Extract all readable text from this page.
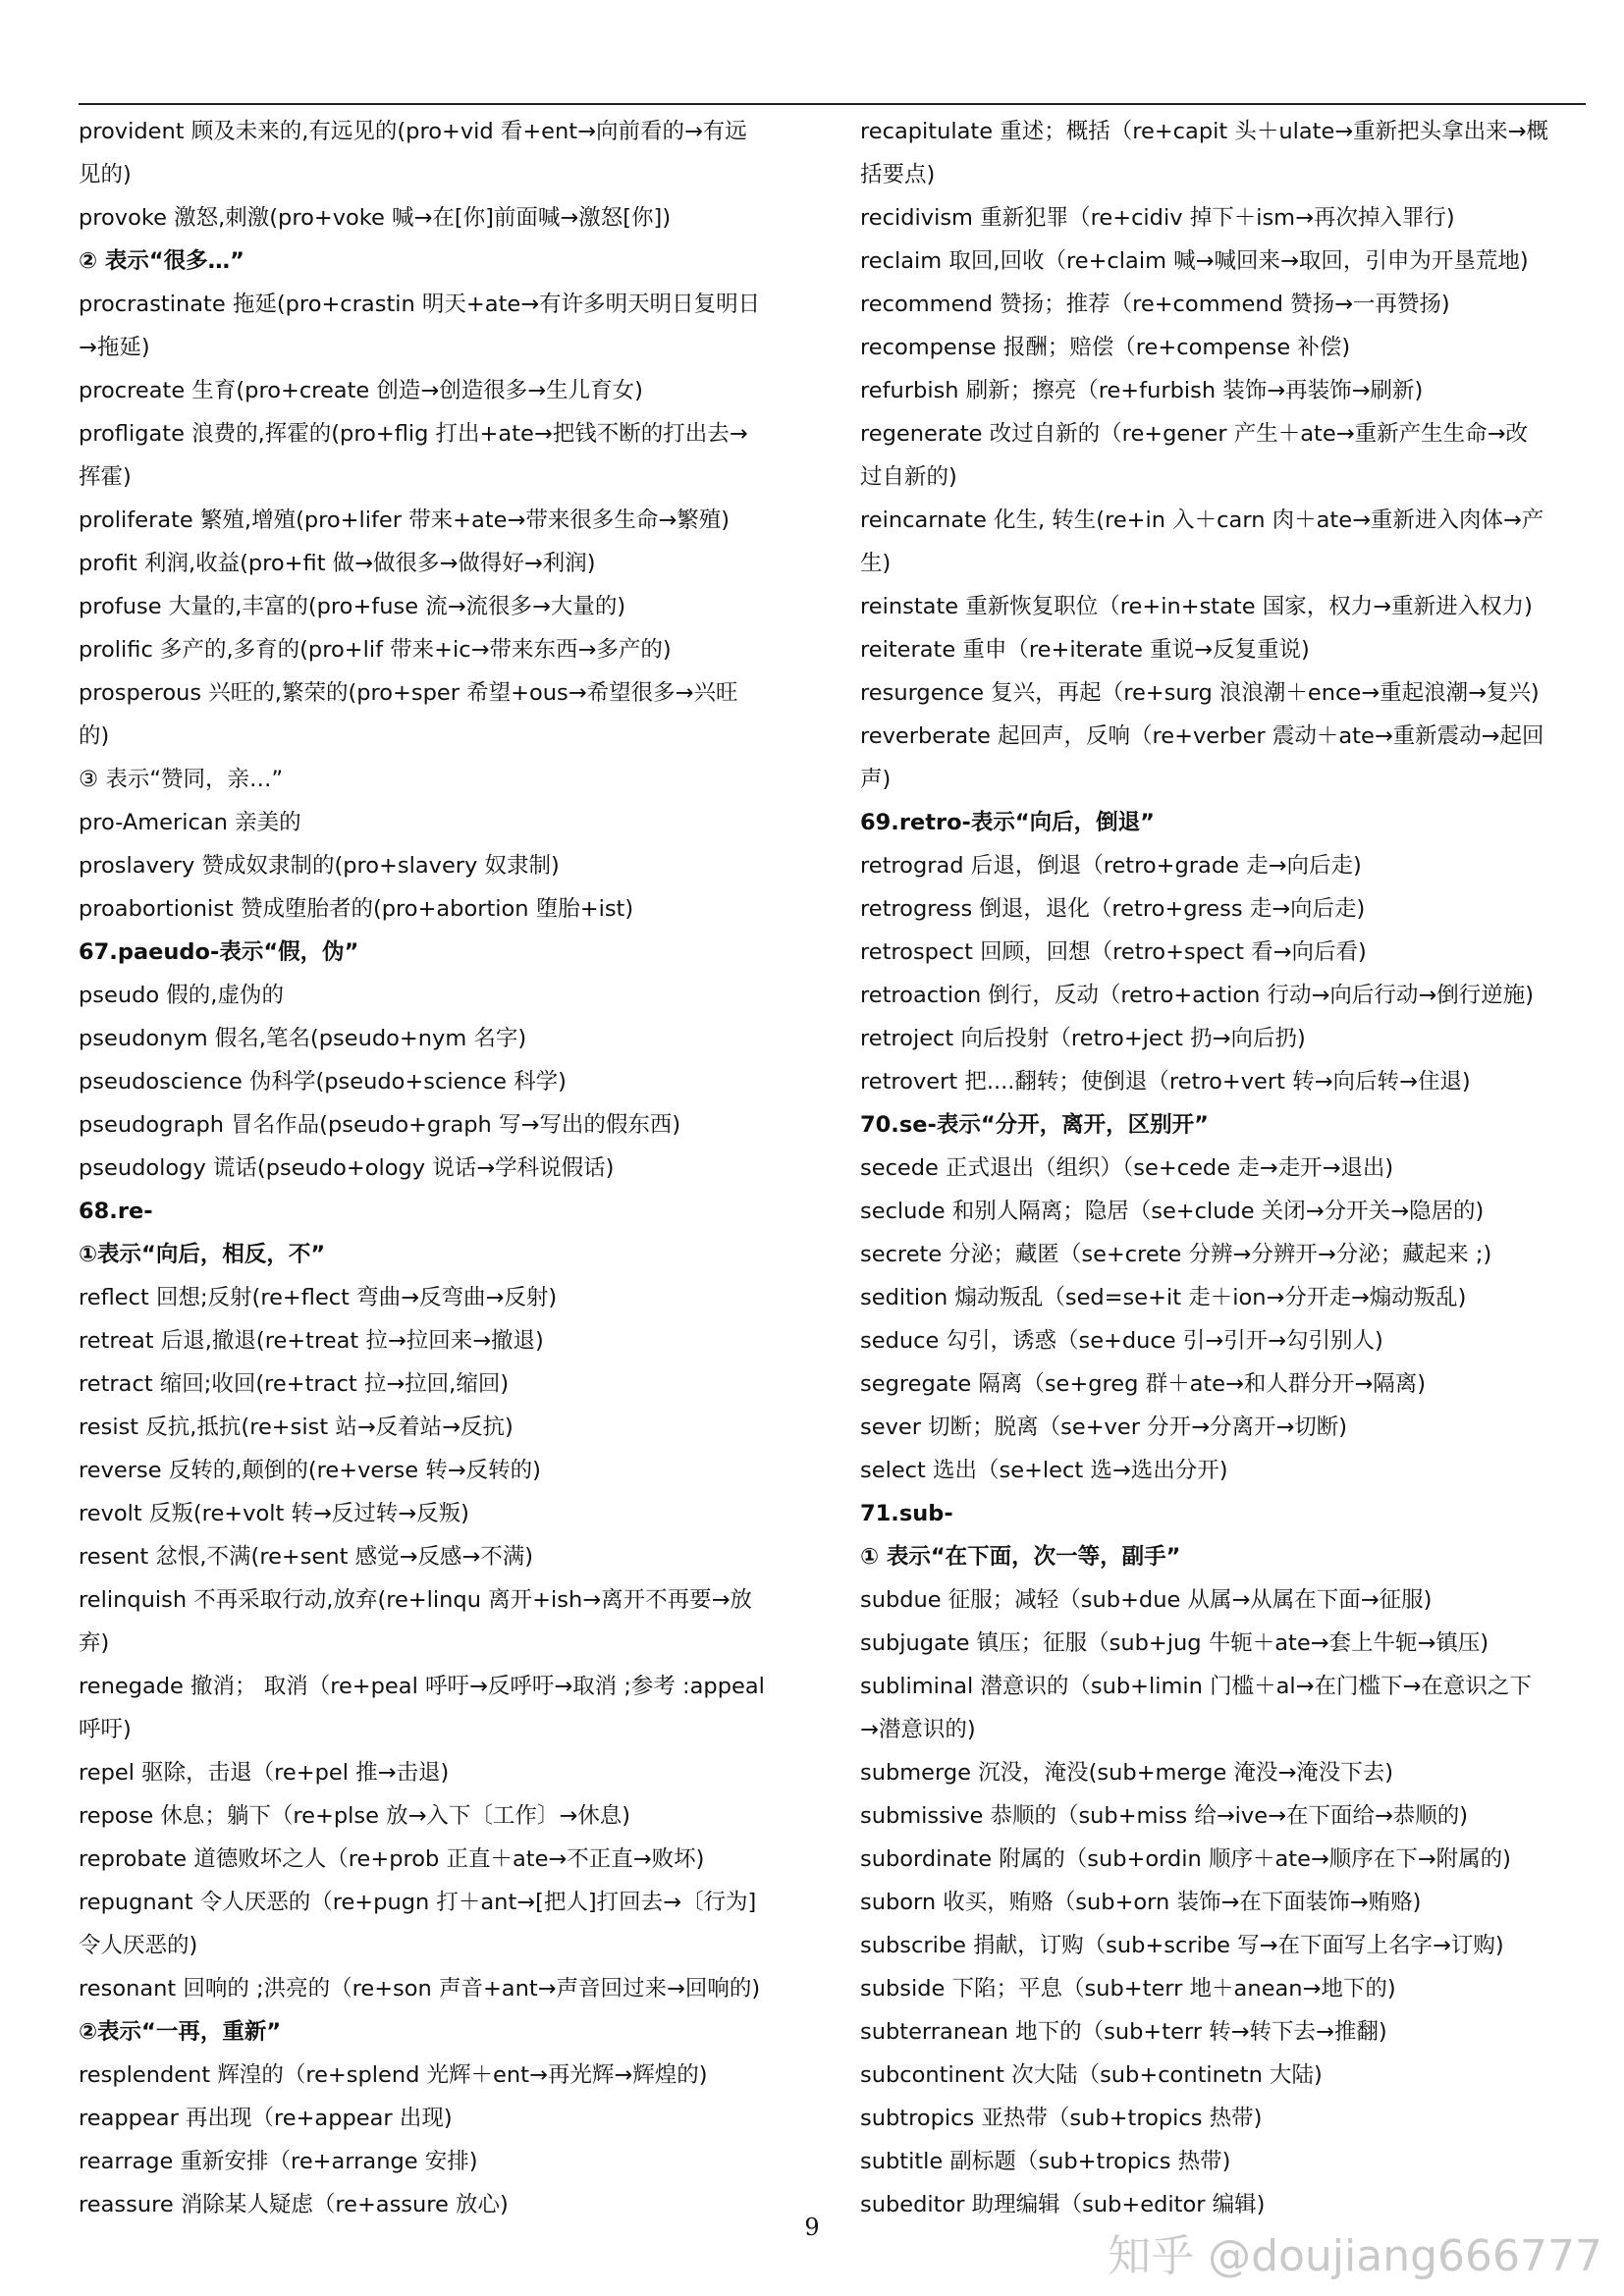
provident 顾及未来的,有远见的(pro+vid 看+ent→向前看的→有远
见的)
provoke 激怒,刺激(pro+voke 喊→在[你]前面喊→激怒[你])
② 表示“很多…”
procrastinate 拖延(pro+crastin 明天+ate→有许多明天明日复明日
→拖延)
procreate 生育(pro+create 创造→创造很多→生儿育女)
profligate 浪费的,挥霍的(pro+flig 打出+ate→把钱不断的打出去→
挥霍)
proliferate 繁殖,增殖(pro+lifer 带来+ate→带来很多生命→繁殖)
profit 利润,收益(pro+fit 做→做很多→做得好→利润)
profuse 大量的,丰富的(pro+fuse 流→流很多→大量的)
prolific 多产的,多育的(pro+lif 带来+ic→带来东西→多产的)
prosperous 兴旺的,繁荣的(pro+sper 希望+ous→希望很多→兴旺
的)
③ 表示“赞同，亲…”
pro-American 亲美的
proslavery 赞成奴隶制的(pro+slavery 奴隶制)
proabortionist 赞成堕胎者的(pro+abortion 堕胎+ist)
67.paeudo-表示“假，伪”
pseudo 假的,虚伪的
pseudonym 假名,笔名(pseudo+nym 名字)
pseudoscience 伪科学(pseudo+science 科学)
pseudograph 冒名作品(pseudo+graph 写→写出的假东西)
pseudology 谎话(pseudo+ology 说话→学科说假话)
68.re-
①表示“向后，相反，不”
reflect 回想;反射(re+flect 弯曲→反弯曲→反射)
retreat 后退,撤退(re+treat 拉→拉回来→撤退)
retract 缩回;收回(re+tract 拉→拉回,缩回)
resist 反抗,抵抗(re+sist 站→反着站→反抗)
reverse 反转的,颠倒的(re+verse 转→反转的)
revolt 反叛(re+volt 转→反过转→反叛)
resent 忿恨,不满(re+sent 感觉→反感→不满)
relinquish 不再采取行动,放弃(re+linqu 离开+ish→离开不再要→放
弃)
renegade 撤消； 取消（re+peal 呼吁→反呼吁→取消 ;参考 :appeal
呼吁)
repel 驱除，击退（re+pel 推→击退)
repose 休息；躺下（re+plse 放→入下〔工作〕→休息)
reprobate 道德败坏之人（re+prob 正直＋ate→不正直→败坏)
repugnant 令人厌恶的（re+pugn 打＋ant→[把人]打回去→〔行为]
令人厌恶的)
resonant 回响的 ;洪亮的（re+son 声音+ant→声音回过来→回响的)
②表示“一再，重新”
resplendent 辉湟的（re+splend 光辉＋ent→再光辉→辉煌的)
reappear 再出现（re+appear 出现)
rearrage 重新安排（re+arrange 安排)
reassure 消除某人疑虑（re+assure 放心)
recapitulate 重述；概括（re+capit 头＋ulate→重新把头拿出来→概
括要点)
recidivism 重新犯罪（re+cidiv 掉下＋ism→再次掉入罪行)
reclaim 取回,回收（re+claim 喊→喊回来→取回，引申为开垦荒地)
recommend 赞扬；推荐（re+commend 赞扬→一再赞扬)
recompense 报酬；赔偿（re+compense 补偿)
refurbish 刷新；擦亮（re+furbish 装饰→再装饰→刷新)
regenerate 改过自新的（re+gener 产生＋ate→重新产生生命→改
过自新的)
reincarnate 化生, 转生(re+in 入＋carn 肉＋ate→重新进入肉体→产
生)
reinstate 重新恢复职位（re+in+state 国家，权力→重新进入权力)
reiterate 重申（re+iterate 重说→反复重说)
resurgence 复兴，再起（re+surg 浪浪潮＋ence→重起浪潮→复兴)
reverberate 起回声，反响（re+verber 震动＋ate→重新震动→起回
声)
69.retro-表示“向后，倒退”
retrograd 后退，倒退（retro+grade 走→向后走)
retrogress 倒退，退化（retro+gress 走→向后走)
retrospect 回顾，回想（retro+spect 看→向后看)
retroaction 倒行，反动（retro+action 行动→向后行动→倒行逆施)
retroject 向后投射（retro+ject 扔→向后扔)
retrovert 把....翻转；使倒退（retro+vert 转→向后转→住退)
70.se-表示“分开，离开，区别开”
secede 正式退出（组织）（se+cede 走→走开→退出)
seclude 和别人隔离；隐居（se+clude 关闭→分开关→隐居的)
secrete 分泌；藏匿（se+crete 分辨→分辨开→分泌；藏起来 ;)
sedition 煽动叛乱（sed=se+it 走＋ion→分开走→煽动叛乱)
seduce 勾引，诱惑（se+duce 引→引开→勾引别人)
segregate 隔离（se+greg 群＋ate→和人群分开→隔离)
sever 切断；脱离（se+ver 分开→分离开→切断)
select 选出（se+lect 选→选出分开)
71.sub-
① 表示“在下面，次一等，副手”
subdue 征服；减轻（sub+due 从属→从属在下面→征服)
subjugate 镇压；征服（sub+jug 牛轭＋ate→套上牛轭→镇压)
subliminal 潜意识的（sub+limin 门槛＋al→在门槛下→在意识之下
→潜意识的)
submerge 沉没，淹没(sub+merge 淹没→淹没下去)
submissive 恭顺的（sub+miss 给→ive→在下面给→恭顺的)
subordinate 附属的（sub+ordin 顺序＋ate→顺序在下→附属的)
suborn 收买，贿赂（sub+orn 装饰→在下面装饰→贿赂)
subscribe 捐献，订购（sub+scribe 写→在下面写上名字→订购)
subside 下陷；平息（sub+terr 地＋anean→地下的)
subterranean 地下的（sub+terr 转→转下去→推翻)
subcontinent 次大陆（sub+continetn 大陆)
subtropics 亚热带（sub+tropics 热带)
subtitle 副标题（sub+tropics 热带)
subeditor 助理编辑（sub+editor 编辑)
9
知乎 @doujiang666777
